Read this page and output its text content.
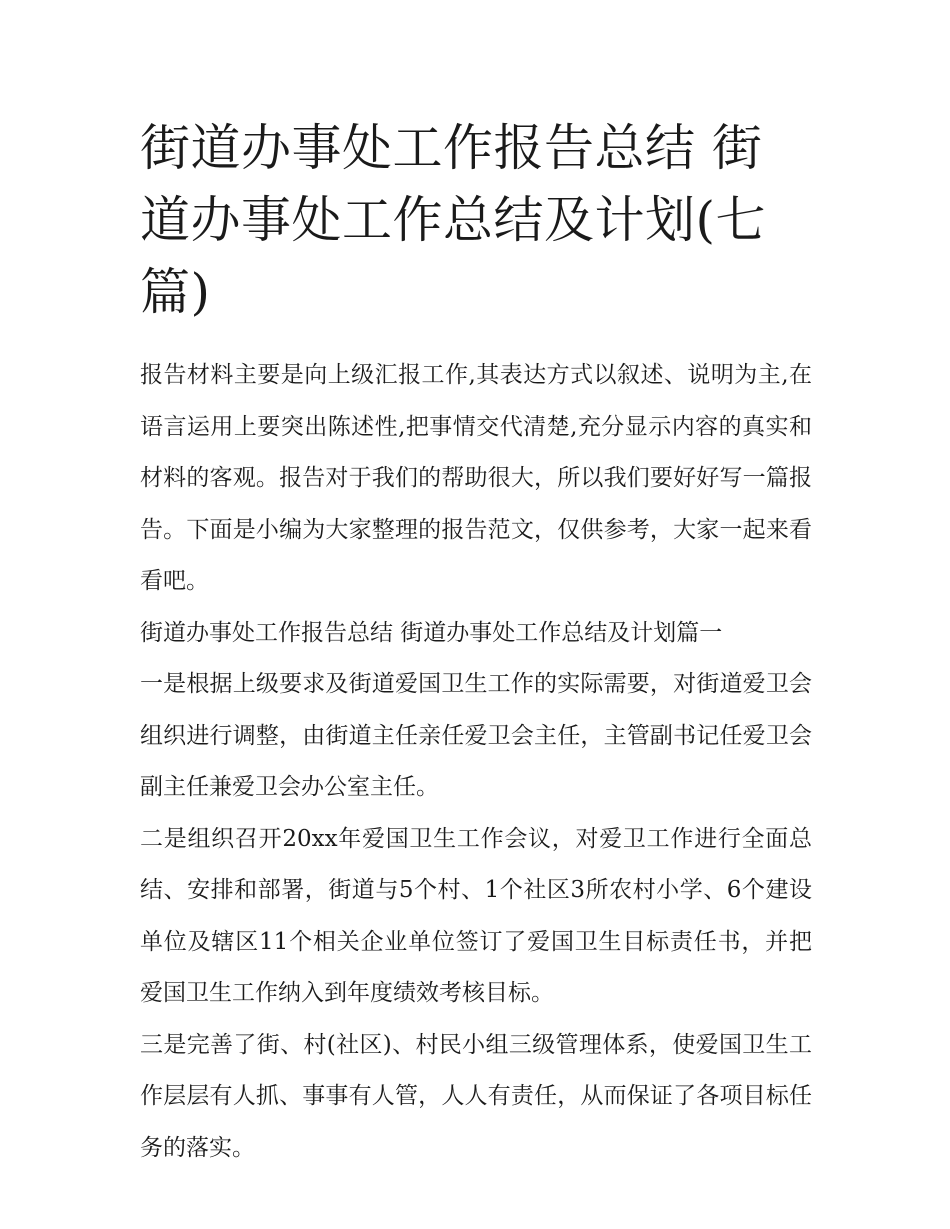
街道办事处工作报告总结 街道办事处工作总结及计划(七篇)

报告材料主要是向上级汇报工作,其表达方式以叙述、说明为主,在语言运用上要突出陈述性,把事情交代清楚,充分显示内容的真实和材料的客观。报告对于我们的帮助很大，所以我们要好好写一篇报告。下面是小编为大家整理的报告范文，仅供参考，大家一起来看看吧。

街道办事处工作报告总结 街道办事处工作总结及计划篇一

一是根据上级要求及街道爱国卫生工作的实际需要，对街道爱卫会组织进行调整，由街道主任亲任爱卫会主任，主管副书记任爱卫会副主任兼爱卫会办公室主任。

二是组织召开20xx年爱国卫生工作会议，对爱卫工作进行全面总结、安排和部署，街道与5个村、1个社区3所农村小学、6个建设单位及辖区11个相关企业单位签订了爱国卫生目标责任书，并把爱国卫生工作纳入到年度绩效考核目标。

三是完善了街、村(社区)、村民小组三级管理体系，使爱国卫生工作层层有人抓、事事有人管，人人有责任，从而保证了各项目标任务的落实。
